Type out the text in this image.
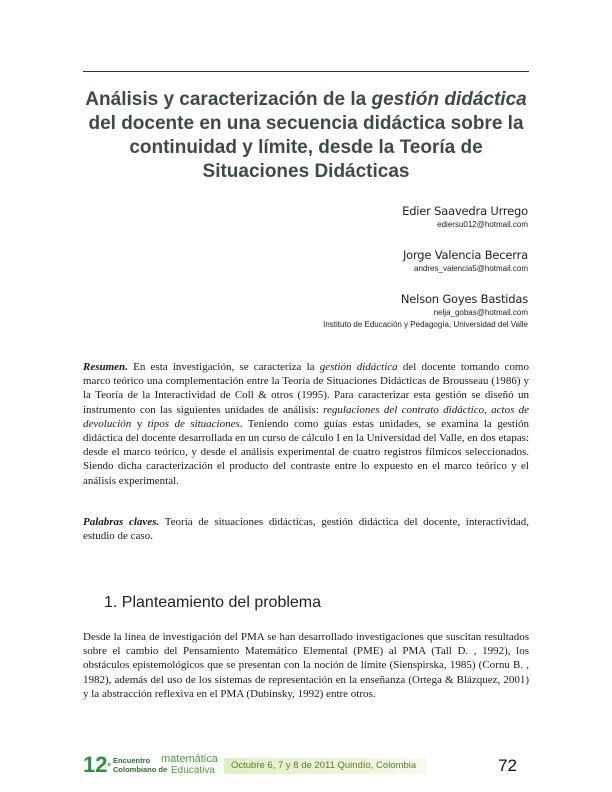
Análisis y caracterización de la gestión didáctica del docente en una secuencia didáctica sobre la continuidad y límite, desde la Teoría de Situaciones Didácticas
Edier Saavedra Urrego
ediersu012@hotmail.com
Jorge Valencia Becerra
andres_valencia5@hotmail.com
Nelson Goyes Bastidas
nelja_gobas@hotmail.com
Instituto de Educación y Pedagogía, Universidad del Valle

Resumen. En esta investigación, se caracteriza la gestión didáctica del docente tomando como marco teórico una complementación entre la Teoría de Situaciones Didácticas de Brousseau (1986) y la Teoría de la Interactividad de Coll & otros (1995). Para caracterizar esta gestión se diseñó un instrumento con las siguientes unidades de análisis: regulaciones del contrato didáctico, actos de devolución y tipos de situaciones. Teniendo como guías estas unidades, se examina la gestión didáctica del docente desarrollada en un curso de cálculo I en la Universidad del Valle, en dos etapas: desde el marco teórico, y desde el análisis experimental de cuatro registros fílmicos seleccionados. Siendo dicha caracterización el producto del contraste entre lo expuesto en el marco teórico y el análisis experimental.

Palabras claves. Teoría de situaciones didácticas, gestión didáctica del docente, interactividad, estudio de caso.

1. Planteamiento del problema

Desde la línea de investigación del PMA se han desarrollado investigaciones que suscitan resultados sobre el cambio del Pensamiento Matemático Elemental (PME) al PMA (Tall D. , 1992), los obstáculos epistemológicos que se presentan con la noción de límite (Sienspirska, 1985) (Cornu B. , 1982), además del uso de los sistemas de representación en la enseñanza (Ortega & Blázquez, 2001) y la abstracción reflexiva en el PMA (Dubinsky, 1992) entre otros.

$12^º$
Encuentro
Colombiano de
matemática
Educativa Octubre 6, 7 y 8 de 2011 Quindío, Colombia	72
